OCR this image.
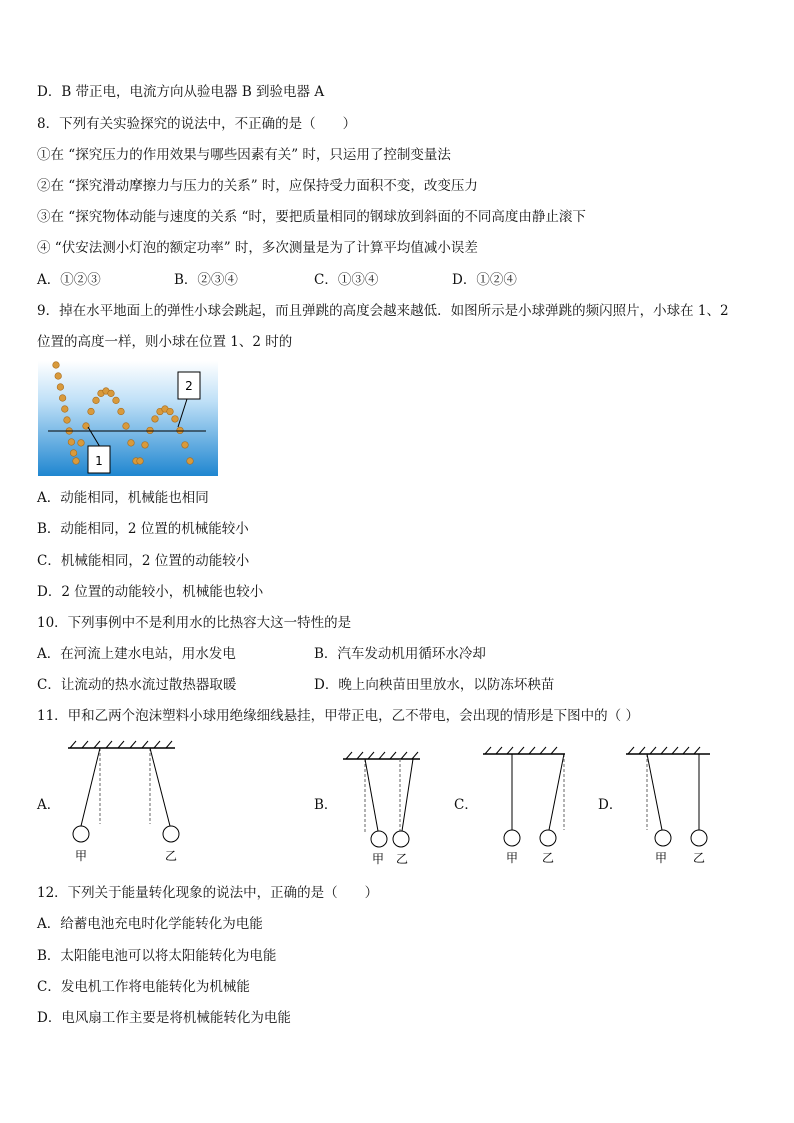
D．B 带正电，电流方向从验电器 B 到验电器 A
8．下列有关实验探究的说法中，不正确的是（　　）
①在 “探究压力的作用效果与哪些因素有关” 时，只运用了控制变量法
②在 “探究滑动摩擦力与压力的关系” 时，应保持受力面积不变，改变压力
③在 “探究物体动能与速度的关系 “时，要把质量相同的钢球放到斜面的不同高度由静止滚下
④ “伏安法测小灯泡的额定功率” 时，多次测量是为了计算平均值减小误差
A．①②③	B．②③④	C．①③④	D．①②④
9．掉在水平地面上的弹性小球会跳起，而且弹跳的高度会越来越低．如图所示是小球弹跳的频闪照片，小球在 1、2
位置的高度一样，则小球在位置 1、2 时的
1
2
A．动能相同，机械能也相同
B．动能相同，2 位置的机械能较小
C．机械能相同，2 位置的动能较小
D．2 位置的动能较小，机械能也较小
10．下列事例中不是利用水的比热容大这一特性的是
A．在河流上建水电站，用水发电	B．汽车发动机用循环水冷却
C．让流动的热水流过散热器取暖	D．晚上向秧苗田里放水，以防冻坏秧苗
11．甲和乙两个泡沫塑料小球用绝缘细线悬挂，甲带正电，乙不带电，会出现的情形是下图中的（ ）
A．	B．	C．	D．
甲	乙	甲 乙	甲 乙	甲 乙
12．下列关于能量转化现象的说法中，正确的是（　　）
A．给蓄电池充电时化学能转化为电能
B．太阳能电池可以将太阳能转化为电能
C．发电机工作将电能转化为机械能
D．电风扇工作主要是将机械能转化为电能
